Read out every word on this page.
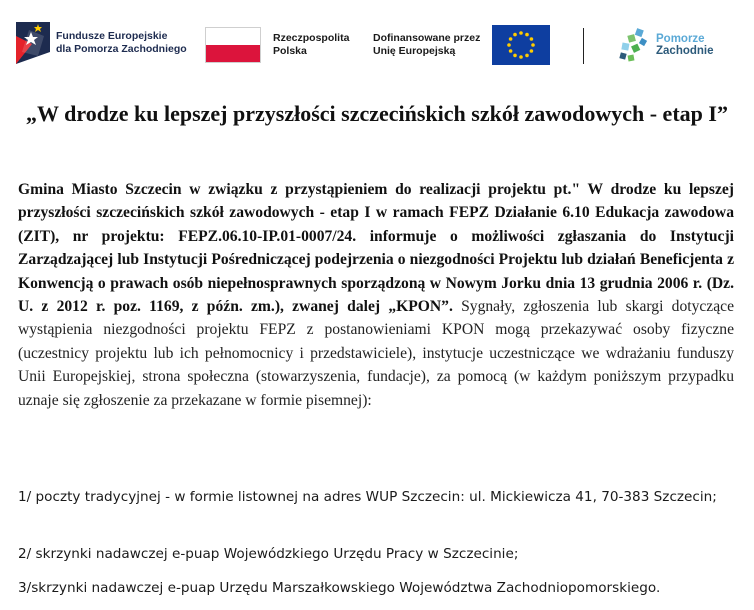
Fundusze Europejskie
dla Pomorza Zachodniego
Rzeczpospolita
Polska
Dofinansowane przez
Unię Europejską
Pomorze
Zachodnie
„W drodze ku lepszej przyszłości szczecińskich szkół zawodowych - etap I”

Gmina Miasto Szczecin w związku z przystąpieniem do realizacji projektu pt." W drodze ku lepszej przyszłości szczecińskich szkół zawodowych - etap I w ramach FEPZ Działanie 6.10 Edukacja zawodowa (ZIT), nr projektu: FEPZ.06.10-IP.01-0007/24. informuje o możliwości zgłaszania do Instytucji Zarządzającej lub Instytucji Pośredniczącej podejrzenia o niezgodności Projektu lub działań Beneficjenta z Konwencją o prawach osób niepełnosprawnych sporządzoną w Nowym Jorku dnia 13 grudnia 2006 r. (Dz. U. z 2012 r. poz. 1169, z późn. zm.), zwanej dalej „KPON”. Sygnały, zgłoszenia lub skargi dotyczące wystąpienia niezgodności projektu FEPZ z postanowieniami KPON mogą przekazywać osoby fizyczne (uczestnicy projektu lub ich pełnomocnicy i przedstawiciele), instytucje uczestniczące we wdrażaniu funduszy Unii Europejskiej, strona społeczna (stowarzyszenia, fundacje), za pomocą (w każdym poniższym przypadku uznaje się zgłoszenie za przekazane w formie pisemnej):

1/ poczty tradycyjnej - w formie listownej na adres WUP Szczecin: ul. Mickiewicza 41, 70-383 Szczecin;
2/ skrzynki nadawczej e-puap Wojewódzkiego Urzędu Pracy w Szczecinie;
3/skrzynki nadawczej e-puap Urzędu Marszałkowskiego Województwa Zachodniopomorskiego.
